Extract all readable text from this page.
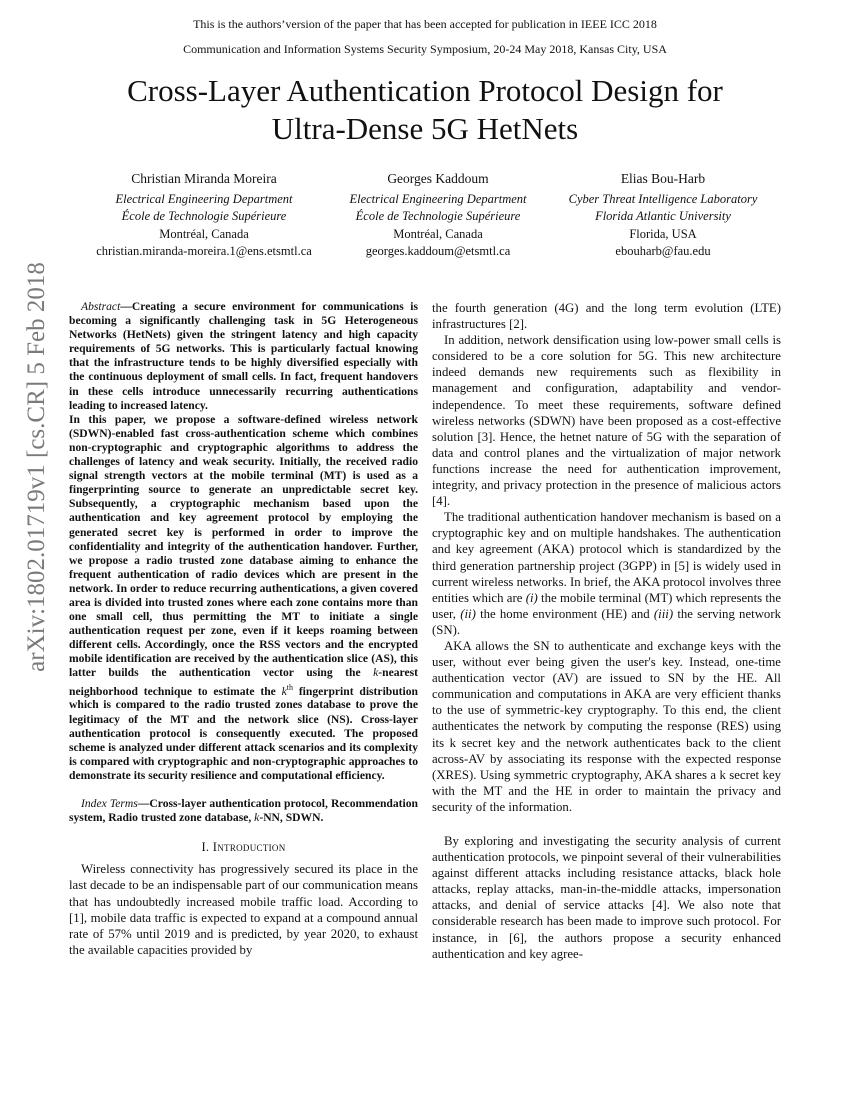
This is the authors’version of the paper that has been accepted for publication in IEEE ICC 2018
Communication and Information Systems Security Symposium, 20-24 May 2018, Kansas City, USA
Cross-Layer Authentication Protocol Design for
Ultra-Dense 5G HetNets
Christian Miranda Moreira
Electrical Engineering Department
École de Technologie Supérieure
Montréal, Canada
christian.miranda-moreira.1@ens.etsmtl.ca
Georges Kaddoum
Electrical Engineering Department
École de Technologie Supérieure
Montréal, Canada
georges.kaddoum@etsmtl.ca
Elias Bou-Harb
Cyber Threat Intelligence Laboratory
Florida Atlantic University
Florida, USA
ebouharb@fau.edu
arXiv:1802.01719v1 [cs.CR] 5 Feb 2018	Abstract—Creating a secure environment for communications is becoming a significantly challenging task in 5G Heterogeneous Networks (HetNets) given the stringent latency and high capacity requirements of 5G networks. This is particularly factual knowing that the infrastructure tends to be highly diversified especially with the continuous deployment of small cells. In fact, frequent handovers in these cells introduce unnecessarily recurring authentications leading to increased latency.

In this paper, we propose a software-defined wireless network (SDWN)-enabled fast cross-authentication scheme which combines non-cryptographic and cryptographic algorithms to address the challenges of latency and weak security. Initially, the received radio signal strength vectors at the mobile terminal (MT) is used as a fingerprinting source to generate an unpredictable secret key. Subsequently, a cryptographic mechanism based upon the authentication and key agreement protocol by employing the generated secret key is performed in order to improve the confidentiality and integrity of the authentication handover. Further, we propose a radio trusted zone database aiming to enhance the frequent authentication of radio devices which are present in the network. In order to reduce recurring authentications, a given covered area is divided into trusted zones where each zone contains more than one small cell, thus permitting the MT to initiate a single authentication request per zone, even if it keeps roaming between different cells. Accordingly, once the RSS vectors and the encrypted mobile identification are received by the authentication slice (AS), this latter builds the authentication vector using the k-nearest neighborhood technique to estimate the $k^{th}$ fingerprint distribution which is compared to the radio trusted zones database to prove the legitimacy of the MT and the network slice (NS). Cross-layer authentication protocol is consequently executed. The proposed scheme is analyzed under different attack scenarios and its complexity is compared with cryptographic and non-cryptographic approaches to demonstrate its security resilience and computational efficiency.

Index Terms—Cross-layer authentication protocol, Recommendation system, Radio trusted zone database, k-NN, SDWN.

I. Introduction

Wireless connectivity has progressively secured its place in the last decade to be an indispensable part of our communication means that has undoubtedly increased mobile traffic load. According to [1], mobile data traffic is expected to expand at a compound annual rate of 57% until 2019 and is predicted, by year 2020, to exhaust the available capacities provided by

the fourth generation (4G) and the long term evolution (LTE) infrastructures [2].

In addition, network densification using low-power small cells is considered to be a core solution for 5G. This new architecture indeed demands new requirements such as flexibility in management and configuration, adaptability and vendor-independence. To meet these requirements, software defined wireless networks (SDWN) have been proposed as a cost-effective solution [3]. Hence, the hetnet nature of 5G with the separation of data and control planes and the virtualization of major network functions increase the need for authentication improvement, integrity, and privacy protection in the presence of malicious actors [4].

The traditional authentication handover mechanism is based on a cryptographic key and on multiple handshakes. The authentication and key agreement (AKA) protocol which is standardized by the third generation partnership project (3GPP) in [5] is widely used in current wireless networks. In brief, the AKA protocol involves three entities which are (i) the mobile terminal (MT) which represents the user, (ii) the home environment (HE) and (iii) the serving network (SN).

AKA allows the SN to authenticate and exchange keys with the user, without ever being given the user's key. Instead, one-time authentication vector (AV) are issued to SN by the HE. All communication and computations in AKA are very efficient thanks to the use of symmetric-key cryptography. To this end, the client authenticates the network by computing the response (RES) using its k secret key and the network authenticates back to the client across-AV by associating its response with the expected response (XRES). Using symmetric cryptography, AKA shares a k secret key with the MT and the HE in order to maintain the privacy and security of the information.

By exploring and investigating the security analysis of current authentication protocols, we pinpoint several of their vulnerabilities against different attacks including resistance attacks, black hole attacks, replay attacks, man-in-the-middle attacks, impersonation attacks, and denial of service attacks [4]. We also note that considerable research has been made to improve such protocol. For instance, in [6], the authors propose a security enhanced authentication and key agree-
